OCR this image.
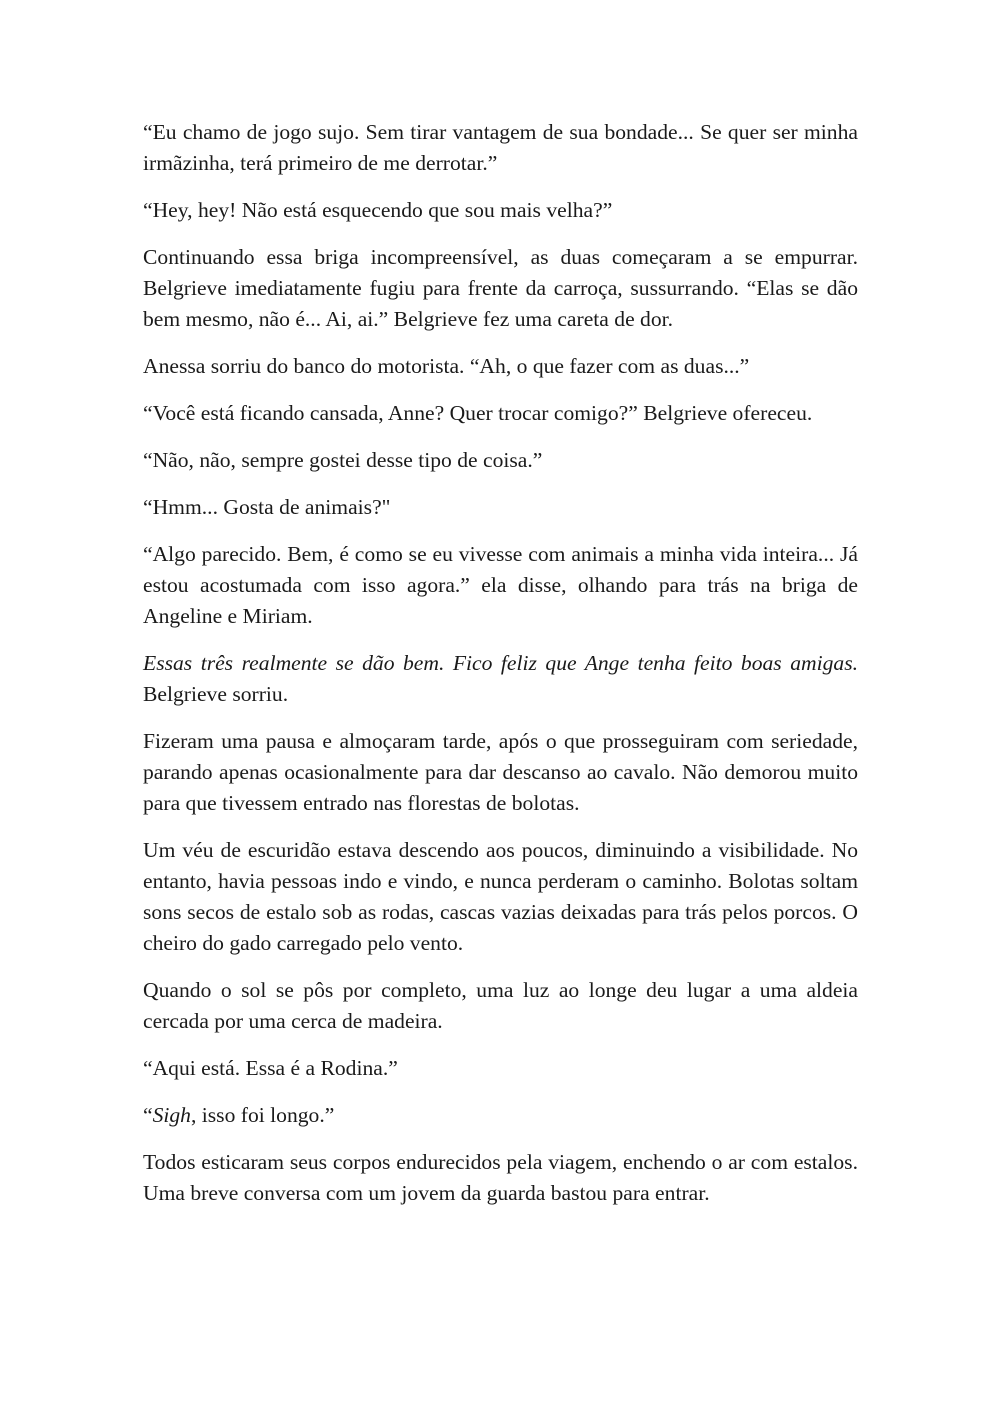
“Eu chamo de jogo sujo. Sem tirar vantagem de sua bondade... Se quer ser minha irmãzinha, terá primeiro de me derrotar.”

“Hey, hey! Não está esquecendo que sou mais velha?”

Continuando essa briga incompreensível, as duas começaram a se empurrar. Belgrieve imediatamente fugiu para frente da carroça, sussurrando. “Elas se dão bem mesmo, não é... Ai, ai.” Belgrieve fez uma careta de dor.

Anessa sorriu do banco do motorista. “Ah, o que fazer com as duas...”

“Você está ficando cansada, Anne? Quer trocar comigo?” Belgrieve ofereceu.

“Não, não, sempre gostei desse tipo de coisa.”

“Hmm... Gosta de animais?"

“Algo parecido. Bem, é como se eu vivesse com animais a minha vida inteira... Já estou acostumada com isso agora.” ela disse, olhando para trás na briga de Angeline e Miriam.

Essas três realmente se dão bem. Fico feliz que Ange tenha feito boas amigas. Belgrieve sorriu.

Fizeram uma pausa e almoçaram tarde, após o que prosseguiram com seriedade, parando apenas ocasionalmente para dar descanso ao cavalo. Não demorou muito para que tivessem entrado nas florestas de bolotas.

Um véu de escuridão estava descendo aos poucos, diminuindo a visibilidade. No entanto, havia pessoas indo e vindo, e nunca perderam o caminho. Bolotas soltam sons secos de estalo sob as rodas, cascas vazias deixadas para trás pelos porcos. O cheiro do gado carregado pelo vento.

Quando o sol se pôs por completo, uma luz ao longe deu lugar a uma aldeia cercada por uma cerca de madeira.

“Aqui está. Essa é a Rodina.”

“Sigh, isso foi longo.”

Todos esticaram seus corpos endurecidos pela viagem, enchendo o ar com estalos. Uma breve conversa com um jovem da guarda bastou para entrar.
